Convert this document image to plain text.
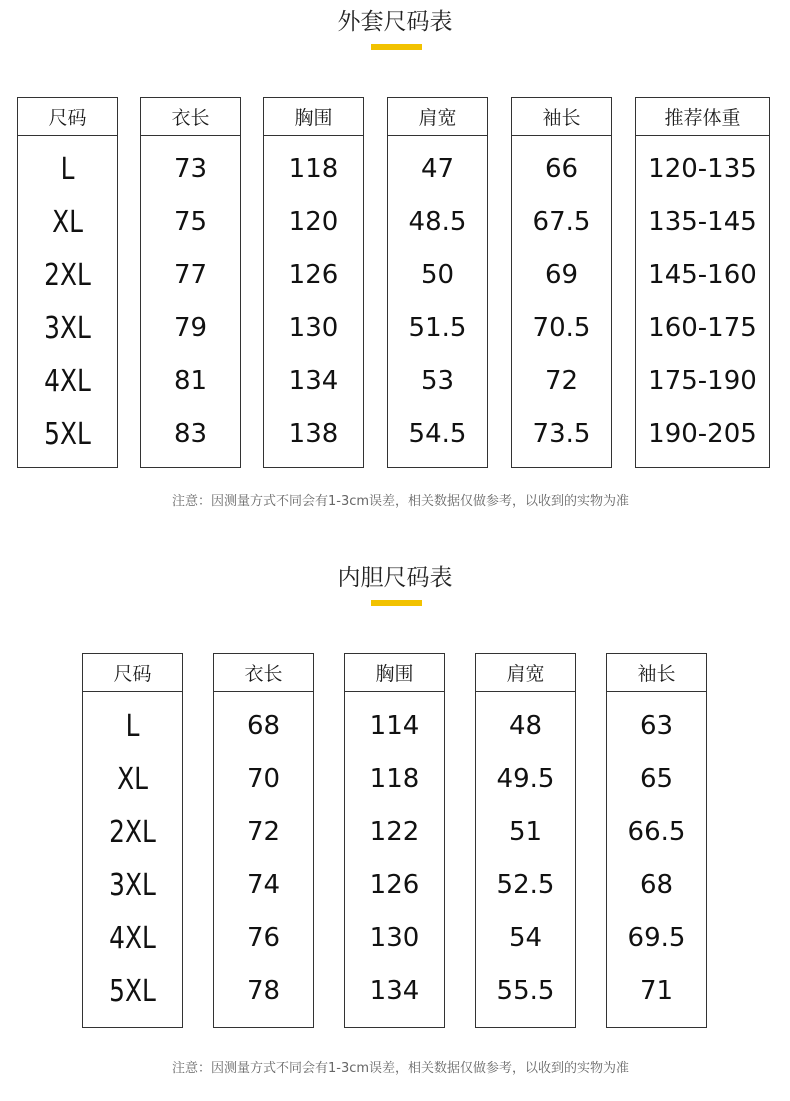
外套尺码表
尺码
L
XL
2XL
3XL
4XL
5XL
衣长
73
75
77
79
81
83
胸围
118
120
126
130
134
138
肩宽
47
48.5
50
51.5
53
54.5
袖长
66
67.5
69
70.5
72
73.5
推荐体重
120-135
135-145
145-160
160-175
175-190
190-205
注意：因测量方式不同会有1-3cm误差，相关数据仅做参考，以收到的实物为准
内胆尺码表
尺码
L
XL
2XL
3XL
4XL
5XL
衣长
68
70
72
74
76
78
胸围
114
118
122
126
130
134
肩宽
48
49.5
51
52.5
54
55.5
袖长
63
65
66.5
68
69.5
71
注意：因测量方式不同会有1-3cm误差，相关数据仅做参考，以收到的实物为准
